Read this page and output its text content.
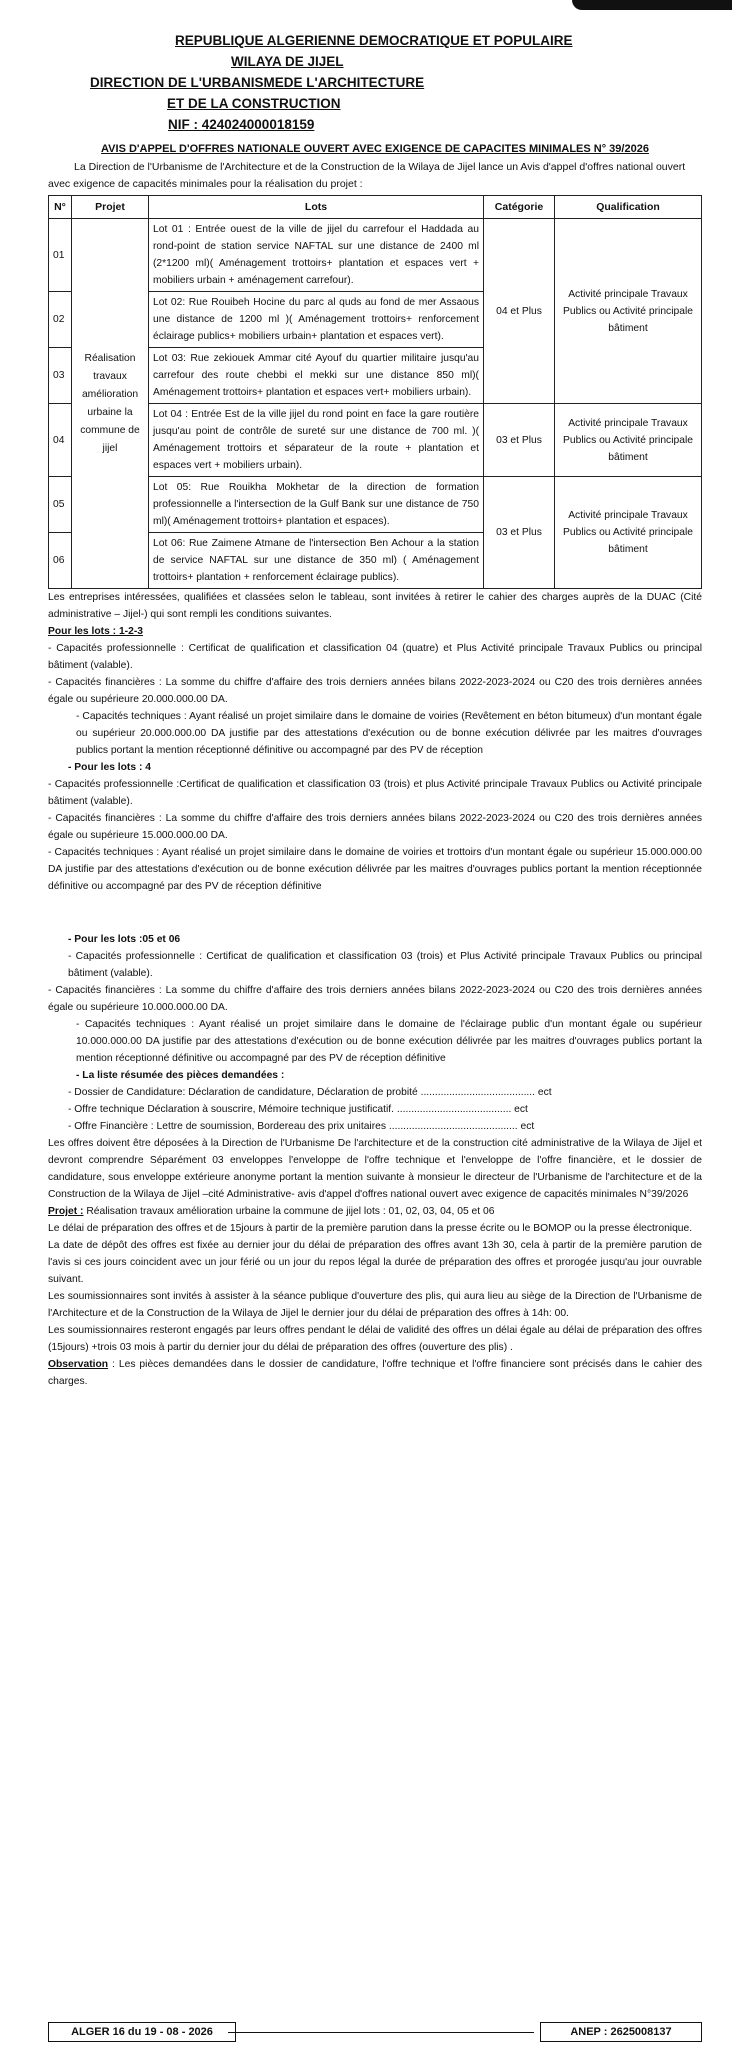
REPUBLIQUE ALGERIENNE DEMOCRATIQUE ET POPULAIRE
WILAYA DE JIJEL
DIRECTION DE L'URBANISMEDE L'ARCHITECTURE
ET DE LA CONSTRUCTION
NIF : 424024000018159
AVIS D'APPEL D'OFFRES NATIONALE OUVERT AVEC EXIGENCE DE CAPACITES MINIMALES N° 39/2026
La Direction de l'Urbanisme de l'Architecture et de la Construction de la Wilaya de Jijel lance un Avis d'appel d'offres national ouvert avec exigence de capacités minimales pour la réalisation du projet :
N°	Projet	Lots	Catégorie	Qualification
01	Réalisation travaux amélioration urbaine la commune de jijel	Lot 01 : Entrée ouest de la ville de jijel du carrefour el Haddada au rond-point de station service NAFTAL sur une distance de 2400 ml (2*1200 ml)( Aménagement trottoirs+ plantation et espaces vert + mobiliers urbain + aménagement carrefour).	04 et Plus	Activité principale Travaux Publics ou Activité principale bâtiment
02		Lot 02: Rue Rouibeh Hocine du parc al quds au fond de mer Assaous une distance de 1200 ml )( Aménagement trottoirs+ renforcement éclairage publics+ mobiliers urbain+ plantation et espaces vert).		
03		Lot 03: Rue zekiouek Ammar cité Ayouf du quartier militaire jusqu'au carrefour des route chebbi el mekki sur une distance 850 ml)( Aménagement trottoirs+ plantation et espaces vert+ mobiliers urbain).		
04		Lot 04 : Entrée Est de la ville jijel du rond point en face la gare routière jusqu'au point de contrôle de sureté sur une distance de 700 ml. )( Aménagement trottoirs et séparateur de la route + plantation et espaces vert + mobiliers urbain).	03 et Plus	Activité principale Travaux Publics ou Activité principale bâtiment
05		Lot 05: Rue Rouikha Mokhetar de la direction de formation professionnelle a l'intersection de la Gulf Bank sur une distance de 750 ml)( Aménagement trottoirs+ plantation et espaces).	03 et Plus	Activité principale Travaux Publics ou Activité principale bâtiment
06		Lot 06: Rue Zaimene Atmane de l'intersection Ben Achour a la station de service NAFTAL sur une distance de 350 ml) ( Aménagement trottoirs+ plantation + renforcement éclairage publics).		

Les entreprises intéressées, qualifiées et classées selon le tableau, sont invitées à retirer le cahier des charges auprès de la DUAC (Cité administrative – Jijel-) qui sont rempli les conditions suivantes.

Pour les lots : 1-2-3

- Capacités professionnelle : Certificat de qualification et classification 04 (quatre) et Plus Activité principale Travaux Publics ou principal bâtiment (valable).

- Capacités financières : La somme du chiffre d'affaire des trois derniers années bilans 2022-2023-2024 ou C20 des trois dernières années égale ou supérieure 20.000.000.00 DA.

- Capacités techniques : Ayant réalisé un projet similaire dans le domaine de voiries (Revêtement en béton bitumeux) d'un montant égale ou supérieur 20.000.000.00 DA justifie par des attestations d'exécution ou de bonne exécution délivrée par les maitres d'ouvrages publics portant la mention réceptionné définitive ou accompagné par des PV de réception

- Pour les lots : 4

- Capacités professionnelle :Certificat de qualification et classification 03 (trois) et plus Activité principale Travaux Publics ou Activité principale bâtiment (valable).

- Capacités financières : La somme du chiffre d'affaire des trois derniers années bilans 2022-2023-2024 ou C20 des trois dernières années égale ou supérieure 15.000.000.00 DA.

- Capacités techniques : Ayant réalisé un projet similaire dans le domaine de voiries et trottoirs d'un montant égale ou supérieur 15.000.000.00 DA justifie par des attestations d'exécution ou de bonne exécution délivrée par les maitres d'ouvrages publics portant la mention réceptionnée définitive ou accompagné par des PV de réception définitive

- Pour les lots :05 et 06

- Capacités professionnelle : Certificat de qualification et classification 03 (trois) et Plus Activité principale Travaux Publics ou principal bâtiment (valable).

- Capacités financières : La somme du chiffre d'affaire des trois derniers années bilans 2022-2023-2024 ou C20 des trois dernières années égale ou supérieure 10.000.000.00 DA.

- Capacités techniques : Ayant réalisé un projet similaire dans le domaine de l'éclairage public d'un montant égale ou supérieur 10.000.000.00 DA justifie par des attestations d'exécution ou de bonne exécution délivrée par les maitres d'ouvrages publics portant la mention réceptionné définitive ou accompagné par des PV de réception définitive

- La liste résumée des pièces demandées :

- Dossier de Candidature: Déclaration de candidature, Déclaration de probité ........................................ ect

- Offre technique Déclaration à souscrire, Mémoire technique justificatif. ........................................ ect

- Offre Financière : Lettre de soumission, Bordereau des prix unitaires ............................................. ect

Les offres doivent être déposées à la Direction de l'Urbanisme De l'architecture et de la construction cité administrative de la Wilaya de Jijel et devront comprendre Séparément 03 enveloppes l'enveloppe de l'offre technique et l'enveloppe de l'offre financière, et le dossier de candidature, sous enveloppe extérieure anonyme portant la mention suivante à monsieur le directeur de l'Urbanisme de l'architecture et de la Construction de la Wilaya de Jijel –cité Administrative- avis d'appel d'offres national ouvert avec exigence de capacités minimales N°39/2026

Projet : Réalisation travaux amélioration urbaine la commune de jijel lots : 01, 02, 03, 04, 05 et 06

Le délai de préparation des offres et de 15jours à partir de la première parution dans la presse écrite ou le BOMOP ou la presse électronique.

La date de dépôt des offres est fixée au dernier jour du délai de préparation des offres avant 13h 30, cela à partir de la première parution de l'avis si ces jours coincident avec un jour férié ou un jour du repos légal la durée de préparation des offres et prorogée jusqu'au jour ouvrable suivant.

Les soumissionnaires sont invités à assister à la séance publique d'ouverture des plis, qui aura lieu au siège de la Direction de l'Urbanisme de l'Architecture et de la Construction de la Wilaya de Jijel le dernier jour du délai de préparation des offres à 14h: 00.

Les soumissionnaires resteront engagés par leurs offres pendant le délai de validité des offres un délai égale au délai de préparation des offres (15jours) +trois 03 mois à partir du dernier jour du délai de préparation des offres (ouverture des plis) .

Observation : Les pièces demandées dans le dossier de candidature, l'offre technique et l'offre financiere sont précisés dans le cahier des charges.

ALGER 16 du 19 - 08 - 2026	ANEP : 2625008137
